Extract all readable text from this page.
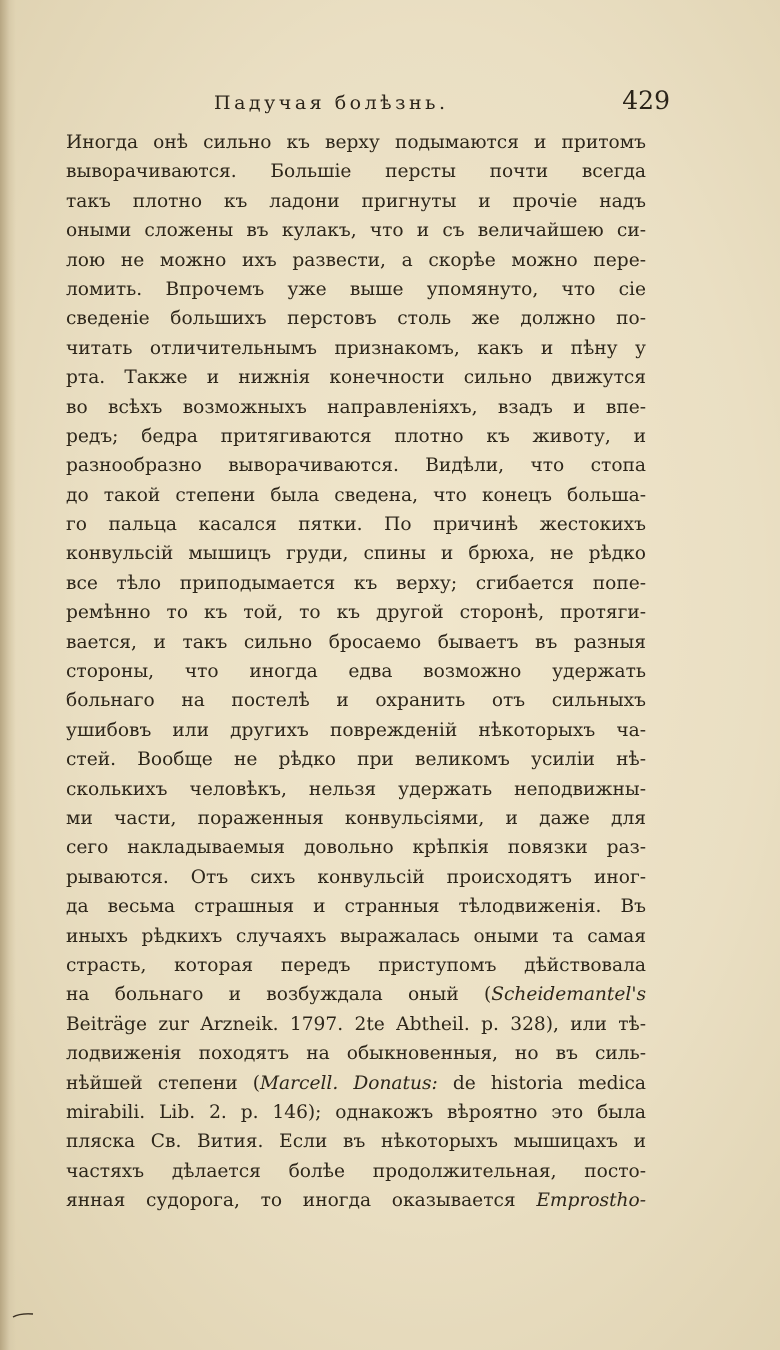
Падучая болѣзнь.	429
Иногда онѣ сильно къ верху подымаются и притомъ
выворачиваются. Большіе персты почти всегда
такъ плотно къ ладони пригнуты и прочіе надъ
оными сложены въ кулакъ, что и съ величайшею си-
лою не можно ихъ развести, а скорѣе можно пере-
ломить. Впрочемъ уже выше упомянуто, что сіе
сведеніе большихъ перстовъ столь же должно по-
читать отличительнымъ признакомъ, какъ и пѣну у
рта. Также и нижнія конечности сильно движутся
во всѣхъ возможныхъ направленіяхъ, взадъ и впе-
редъ; бедра притягиваются плотно къ животу, и
разнообразно выворачиваются. Видѣли, что стопа
до такой степени была сведена, что конецъ больша-
го пальца касался пятки. По причинѣ жестокихъ
конвульсій мышицъ груди, спины и брюха, не рѣдко
все тѣло приподымается къ верху; сгибается попе-
ремѣнно то къ той, то къ другой сторонѣ, протяги-
вается, и такъ сильно бросаемо бываетъ въ разныя
стороны, что иногда едва возможно удержать
больнаго на постелѣ и охранить отъ сильныхъ
ушибовъ или другихъ поврежденій нѣкоторыхъ ча-
стей. Вообще не рѣдко при великомъ усиліи нѣ-
сколькихъ человѣкъ, нельзя удержать неподвижны-
ми части, пораженныя конвульсіями, и даже для
сего накладываемыя довольно крѣпкія повязки раз-
рываются. Отъ сихъ конвульсій происходятъ иног-
да весьма страшныя и странныя тѣлодвиженія. Въ
иныхъ рѣдкихъ случаяхъ выражалась оными та самая
страсть, которая передъ приступомъ дѣйствовала
на больнаго и возбуждала оный (Scheidemantel's
Beiträge zur Arzneik. 1797. 2te Abtheil. p. 328), или тѣ-
лодвиженія походятъ на обыкновенныя, но въ силь-
нѣйшей степени (Marcell. Donatus: de historia medica
mirabili. Lib. 2. p. 146); однакожъ вѣроятно это была
пляска Св. Вития. Если въ нѣкоторыхъ мышицахъ и
частяхъ дѣлается болѣе продолжительная, посто-
янная судорога, то иногда оказывается Emprostho-
